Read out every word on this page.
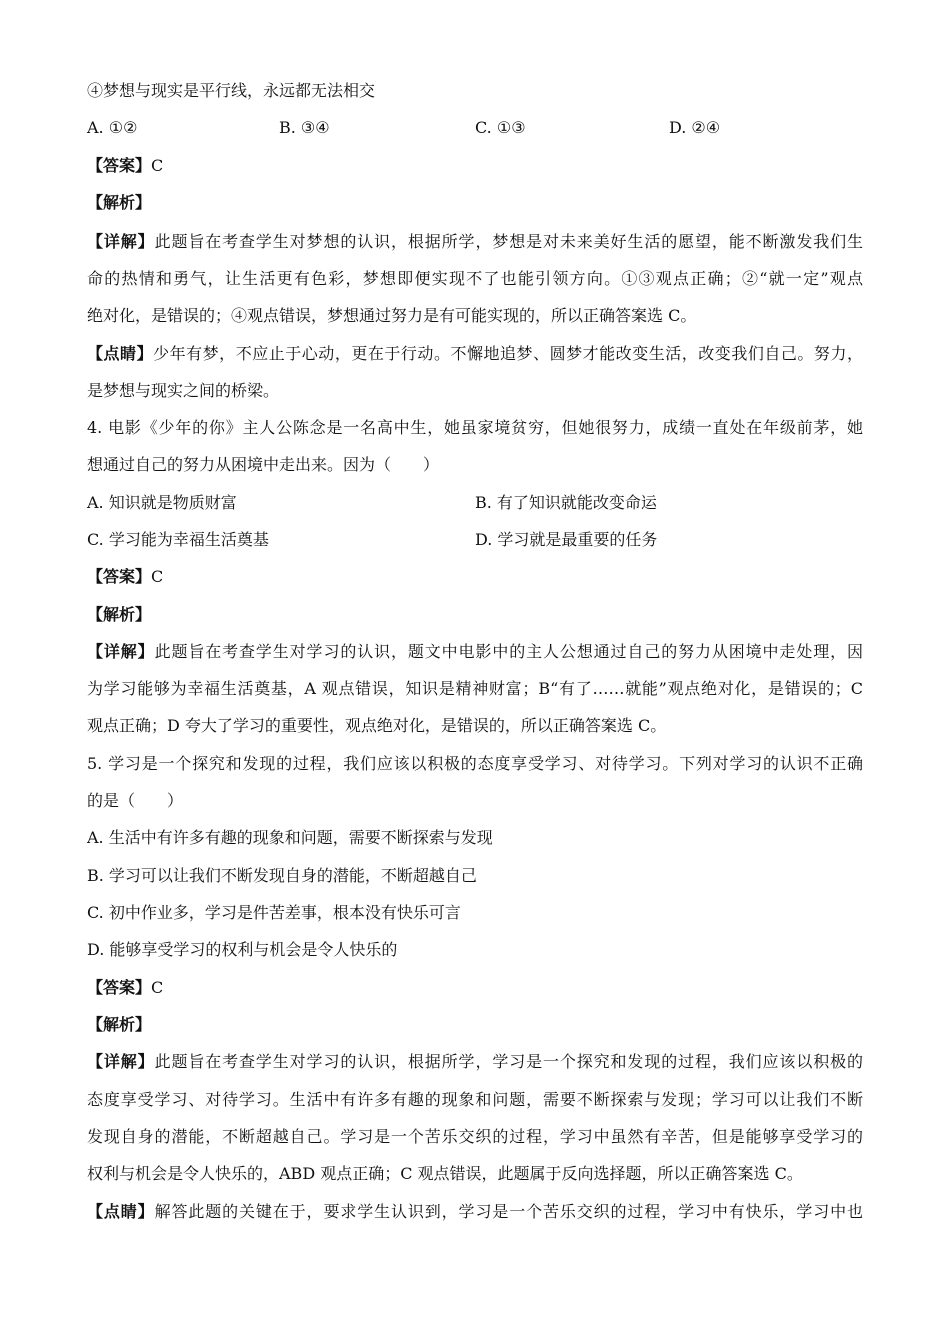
④梦想与现实是平行线，永远都无法相交
A. ①②	B. ③④	C. ①③	D. ②④
【答案】C
【解析】
【详解】此题旨在考查学生对梦想的认识，根据所学，梦想是对未来美好生活的愿望，能不断激发我们生
命的热情和勇气，让生活更有色彩，梦想即便实现不了也能引领方向。①③观点正确；②“就一定”观点
绝对化，是错误的；④观点错误，梦想通过努力是有可能实现的，所以正确答案选 C。
【点睛】少年有梦，不应止于心动，更在于行动。不懈地追梦、圆梦才能改变生活，改变我们自己。努力，
是梦想与现实之间的桥梁。
4. 电影《少年的你》主人公陈念是一名高中生，她虽家境贫穷，但她很努力，成绩一直处在年级前茅，她
想通过自己的努力从困境中走出来。因为（　　）
A. 知识就是物质财富	B. 有了知识就能改变命运
C. 学习能为幸福生活奠基	D. 学习就是最重要的任务
【答案】C
【解析】
【详解】此题旨在考查学生对学习的认识，题文中电影中的主人公想通过自己的努力从困境中走处理，因
为学习能够为幸福生活奠基，A 观点错误，知识是精神财富；B“有了……就能”观点绝对化，是错误的；C
观点正确；D 夸大了学习的重要性，观点绝对化，是错误的，所以正确答案选 C。
5. 学习是一个探究和发现的过程，我们应该以积极的态度享受学习、对待学习。下列对学习的认识不正确
的是（　　）
A. 生活中有许多有趣的现象和问题，需要不断探索与发现
B. 学习可以让我们不断发现自身的潜能，不断超越自己
C. 初中作业多，学习是件苦差事，根本没有快乐可言
D. 能够享受学习的权利与机会是令人快乐的
【答案】C
【解析】
【详解】此题旨在考查学生对学习的认识，根据所学，学习是一个探究和发现的过程，我们应该以积极的
态度享受学习、对待学习。生活中有许多有趣的现象和问题，需要不断探索与发现；学习可以让我们不断
发现自身的潜能，不断超越自己。学习是一个苦乐交织的过程，学习中虽然有辛苦，但是能够享受学习的
权利与机会是令人快乐的，ABD 观点正确；C 观点错误，此题属于反向选择题，所以正确答案选 C。
【点睛】解答此题的关键在于，要求学生认识到，学习是一个苦乐交织的过程，学习中有快乐，学习中也
